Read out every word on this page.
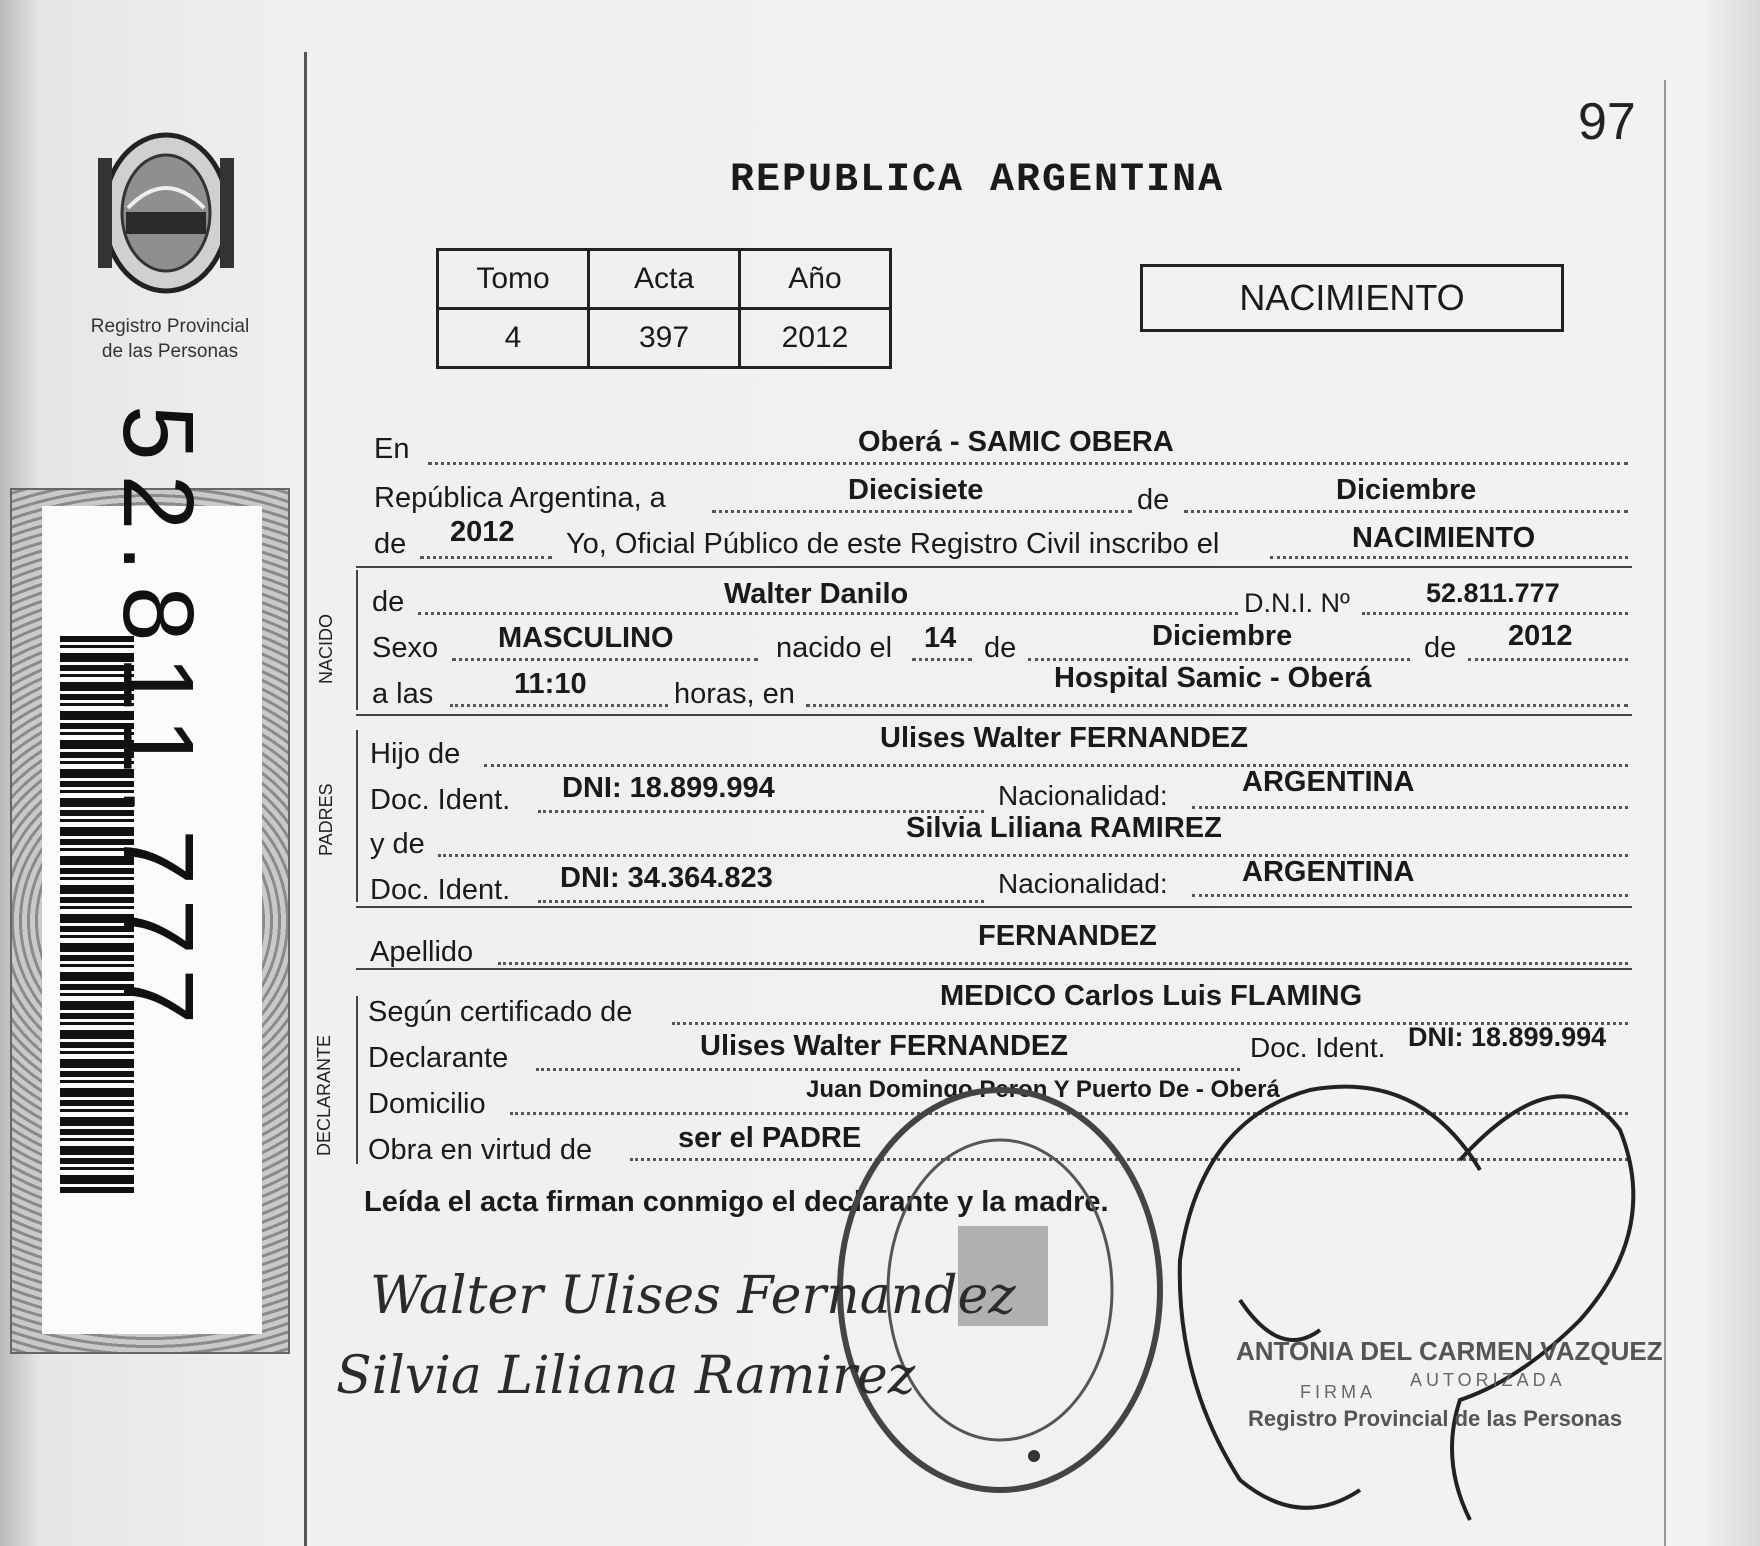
Registro Provincial
de las Personas
52.811.777
97
REPUBLICA ARGENTINA
Tomo	Acta	Año
4	397	2012
NACIMIENTO
En	Oberá - SAMIC OBERA
República Argentina, a	Diecisiete	de	Diciembre
de 2012 Yo, Oficial Público de este Registro Civil inscribo el	NACIMIENTO
NACIDO
de	Walter Danilo	D.N.I. Nº	52.811.777
Sexo MASCULINO	nacido el 14 de	Diciembre	de 2012
a las	11:10	horas, en	Hospital Samic - Oberá
PADRES
Hijo de	Ulises Walter FERNANDEZ
Doc. Ident. DNI: 18.899.994	Nacionalidad:	ARGENTINA
y de	Silvia Liliana RAMIREZ
Doc. Ident. DNI: 34.364.823	Nacionalidad:	ARGENTINA
Apellido	FERNANDEZ
DECLARANTE
Según certificado de	MEDICO Carlos Luis FLAMING
Declarante	Ulises Walter FERNANDEZ	Doc. Ident. DNI: 18.899.994
Domicilio	Juan Domingo Peron Y Puerto De - Oberá
Obra en virtud de	ser el PADRE
Leída el acta firman conmigo el declarante y la madre.
ANTONIA DEL CARMEN VAZQUEZ
FIRMA
AUTORIZADA
Registro Provincial de las Personas
Walter Ulises Fernandez
Silvia Liliana Ramirez
